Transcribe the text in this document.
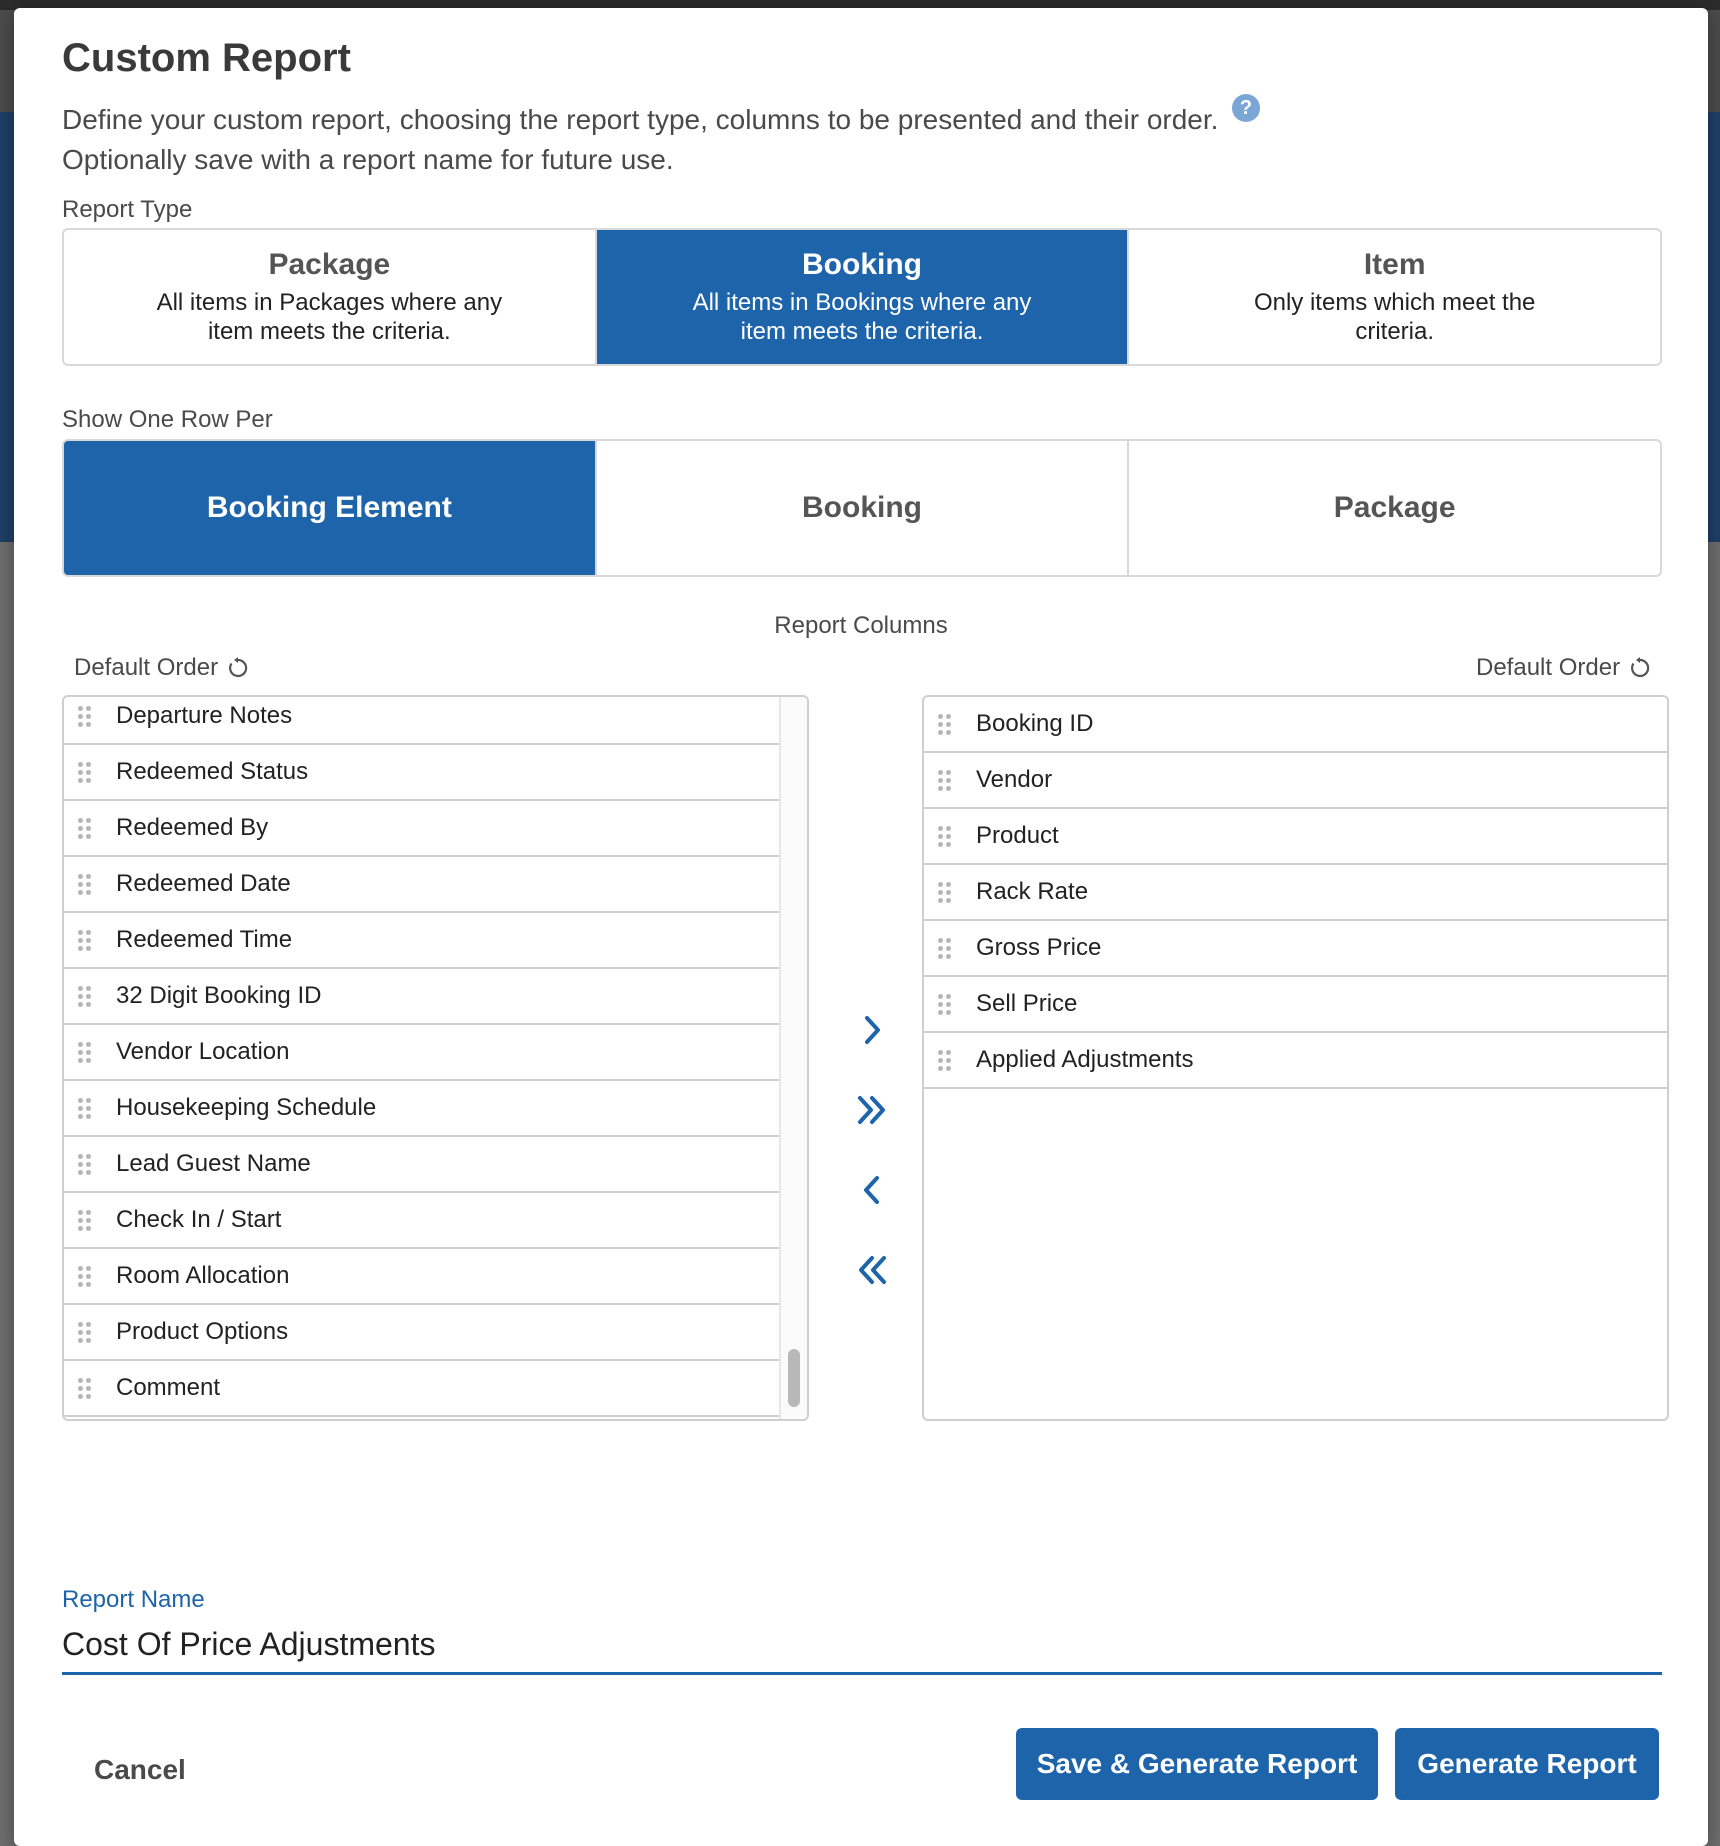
Custom Report
Define your custom report, choosing the report type, columns to be presented and their order.
Optionally save with a report name for future use.
?
Report Type
Package
All items in Packages where any item meets the criteria.
Booking
All items in Bookings where any item meets the criteria.
Item
Only items which meet the criteria.
Show One Row Per
Booking Element	Booking	Package
Report Columns
Default Order	Default Order
Departure Notes
Redeemed Status
Redeemed By
Redeemed Date
Redeemed Time
32 Digit Booking ID
Vendor Location
Housekeeping Schedule
Lead Guest Name
Check In / Start
Room Allocation
Product Options
Comment
Booking ID
Vendor
Product
Rack Rate
Gross Price
Sell Price
Applied Adjustments
Report Name
Cost Of Price Adjustments
Cancel	Save & Generate Report	Generate Report
